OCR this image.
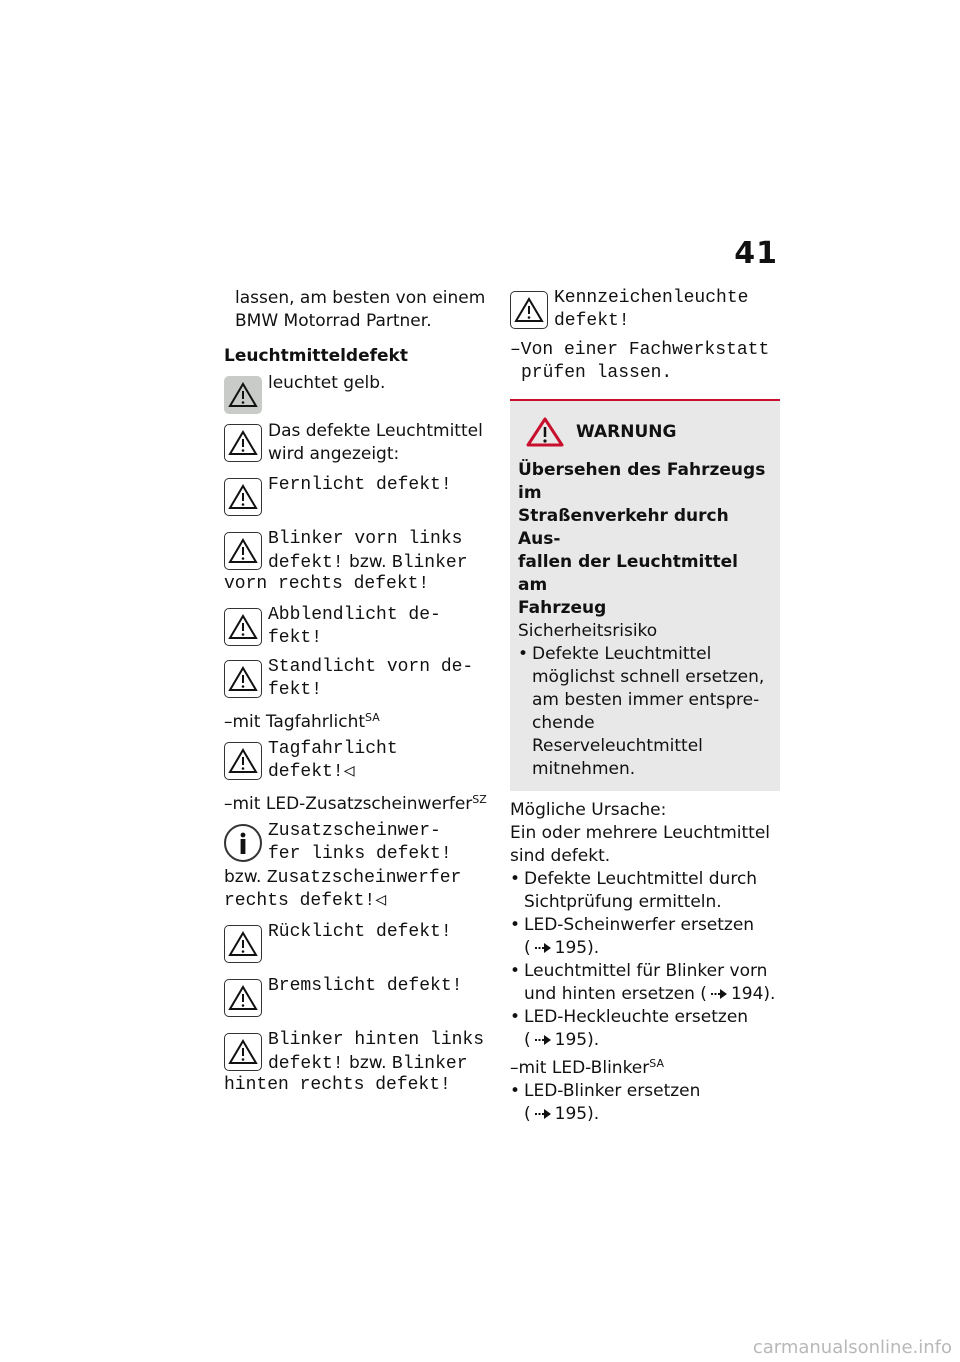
41
lassen, am besten von einem
BMW Motorrad Partner.
Leuchtmitteldefekt
leuchtet gelb.
Das defekte Leuchtmittel
wird angezeigt:
Fernlicht defekt!
Blinker vorn links
defekt! bzw. Blinker
vorn rechts defekt!
Abblendlicht de-
fekt!
Standlicht vorn de-
fekt!
–mit Tagfahrlicht$^{SA}$
Tagfahrlicht
defekt!◁
–mit LED-Zusatzscheinwerfer$^{SZ}$
Zusatzscheinwer-
fer links defekt!
bzw. Zusatzscheinwerfer
rechts defekt!◁
Rücklicht defekt!
Bremslicht defekt!
Blinker hinten links
defekt! bzw. Blinker
hinten rechts defekt!
Kennzeichenleuchte
defekt!
–Von einer Fachwerkstatt
prüfen lassen.
WARNUNG
Übersehen des Fahrzeugs im
Straßenverkehr durch Aus-
fallen der Leuchtmittel am
Fahrzeug
Sicherheitsrisiko
• Defekte Leuchtmittel
möglichst schnell ersetzen,
am besten immer entspre-
chende Reserveleuchtmittel
mitnehmen.
Mögliche Ursache:
Ein oder mehrere Leuchtmittel
sind defekt.
• Defekte Leuchtmittel durch
Sichtprüfung ermitteln.
• LED-Scheinwerfer ersetzen
( 195).
• Leuchtmittel für Blinker vorn
und hinten ersetzen ( 194).
• LED-Heckleuchte ersetzen
( 195).
–mit LED-Blinker$^{SA}$
• LED-Blinker ersetzen
( 195).
carmanualsonline.info
